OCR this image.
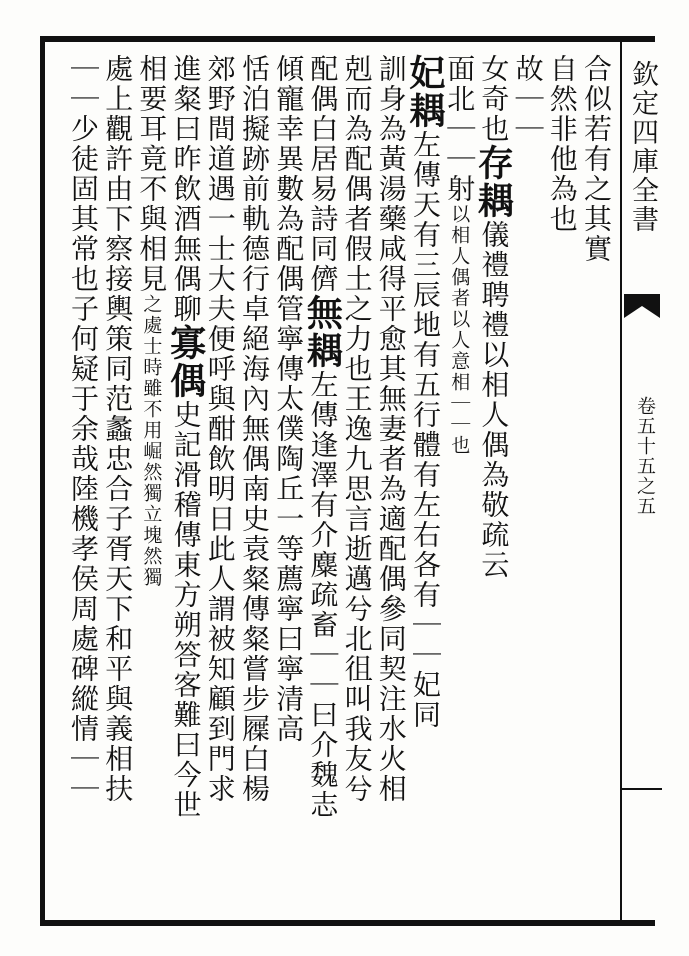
欽定四庫全書
卷五十五之五
合似若有之其實
自然非他為也
故｜｜
女奇也存耦儀禮聘禮以相人偶為敬疏云
面北｜｜射以相人偶者以人意相｜｜也
妃耦左傳天有三辰地有五行體有左右各有｜｜妃同
訓身為黃湯藥咸得平愈其無妻者為適配偶參同契注水火相
剋而為配偶者假土之力也王逸九思言逝邁兮北徂叫我友兮
配偶白居易詩同儕無耦左傳逢澤有介麋疏畜｜｜曰介魏志
傾寵幸異數為配偶管寧傳太僕陶丘一等薦寧曰寧清高
恬泊擬跡前軌德行卓絕海內無偶南史袁粲傳粲嘗步屧白楊
郊野間道遇一士大夫便呼與酣飲明日此人謂被知顧到門求
進粲曰昨飲酒無偶聊寡偶史記滑稽傳東方朔答客難曰今世
相要耳竟不與相見之處士時雖不用崛然獨立塊然獨
處上觀許由下察接輿策同范蠡忠合子胥天下和平與義相扶
｜｜少徒固其常也子何疑于余哉陸機孝侯周處碑縱情｜｜
